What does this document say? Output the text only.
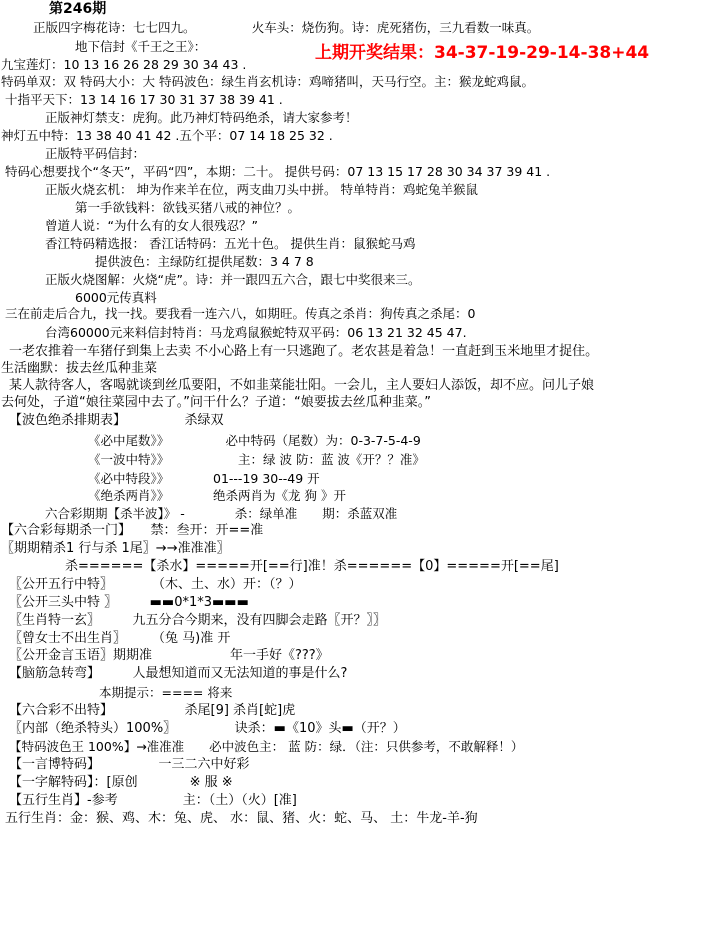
第246期
正版四字梅花诗：七七四九。　　　　　火车头：烧伤狗。诗：虎死猪伤，三九看数一味真。
地下信封《千王之王》：	上期开奖结果：34-37-19-29-14-38+44
九宝莲灯：10 13 16 26 28 29 30 34 43 .
特码单双：双 特码大小：大 特码波色：绿生肖玄机诗：鸡啼猪叫，天马行空。主：猴龙蛇鸡鼠。
十指平天下：13 14 16 17 30 31 37 38 39 41 .
正版神灯禁支：虎狗。此乃神灯特码绝杀，请大家参考！
神灯五中特：13 38 40 41 42 .五个平：07 14 18 25 32 .
正版特平码信封：
特码心想要找个“冬天”，平码“四”，本期：二十。 提供号码：07 13 15 17 28 30 34 37 39 41 .
正版火烧玄机： 坤为作来羊在位，两支曲刀头中拼。 特单特肖：鸡蛇兔羊猴鼠
第一手欲钱料：欲钱买猪八戒的神位？。
曾道人说：“为什么有的女人很残忍？”
香江特码精选报： 香江话特码：五光十色。 提供生肖：鼠猴蛇马鸡
提供波色：主绿防红提供尾数：3 4 7 8
正版火烧图解：火烧“虎”。诗：并一跟四五六合，跟七中奖很来三。
6000元传真料
三在前走后合九，找一找。要我看一连六八，如期旺。传真之杀肖：狗传真之杀尾：0
台湾60000元来料信封特肖：马龙鸡鼠猴蛇特双平码：06 13 21 32 45 47.
一老农推着一车猪仔到集上去卖 不小心路上有一只逃跑了。老农甚是着急！一直赶到玉米地里才捉住。
生活幽默：拔去丝瓜种韭菜
某人款待客人，客喝就谈到丝瓜要阳，不如韭菜能壮阳。一会儿，主人要妇人添饭，却不应。问儿子娘
去何处，子道“娘往菜园中去了。”问干什么？子道：“娘要拔去丝瓜种韭菜。”
【波色绝杀排期表】　　　　　杀绿双
《必中尾数》》　　　　　必中特码（尾数）为：0-3-7-5-4-9
《一波中特》》　　　　　　主：绿 波 防：蓝 波《开？？准》
《必中特段》》　　　　01---19 30--49 开
《绝杀两肖》》　　　　绝杀两肖为《龙 狗 》开
六合彩期期【杀半波】》 -　　　　杀：绿单准　　期：杀蓝双准
【六合彩每期杀一门】　　禁：叁开：开==准
〖期期精杀1 行与杀 1尾〗→→准准准〗
杀======【杀水】=====开[==行]准！杀======【0】=====开[==尾]
〖公开五行中特〗　　　　（木、土、水）开：（？）
〖公开三头中特 〗　　　▬▬0*1*3▬▬▬
〖生肖特一玄〗　　　九五分合今期来，没有四脚会走路〖开？〗〗
〖曾女士不出生肖〗　　　（兔 马)准 开
〖公开金言玉语〗期期准　　　　　　年一手好《???》
【脑筋急转弯】　　　人最想知道而又无法知道的事是什么?
本期提示：==== 将来
【六合彩不出特】　　　　　　杀尾[9] 杀肖[蛇]虎
〖内部（绝杀特头）100%〗　　　　　诀杀：▬《10》头▬（开？）
【特码波色王 100%】→准准准　　必中波色主： 蓝 防：绿．（注：只供参考，不敢解释！）
【一言博特码】　　　　　一三二六中好彩
【一字解特码】：[原创　　　　※ 服 ※
【五行生肖】-参考　　　　　主：（土）（火）[准]
五行生肖：金：猴、鸡、木：兔、虎、 水：鼠、猪、火：蛇、马、 土：牛龙-羊-狗
